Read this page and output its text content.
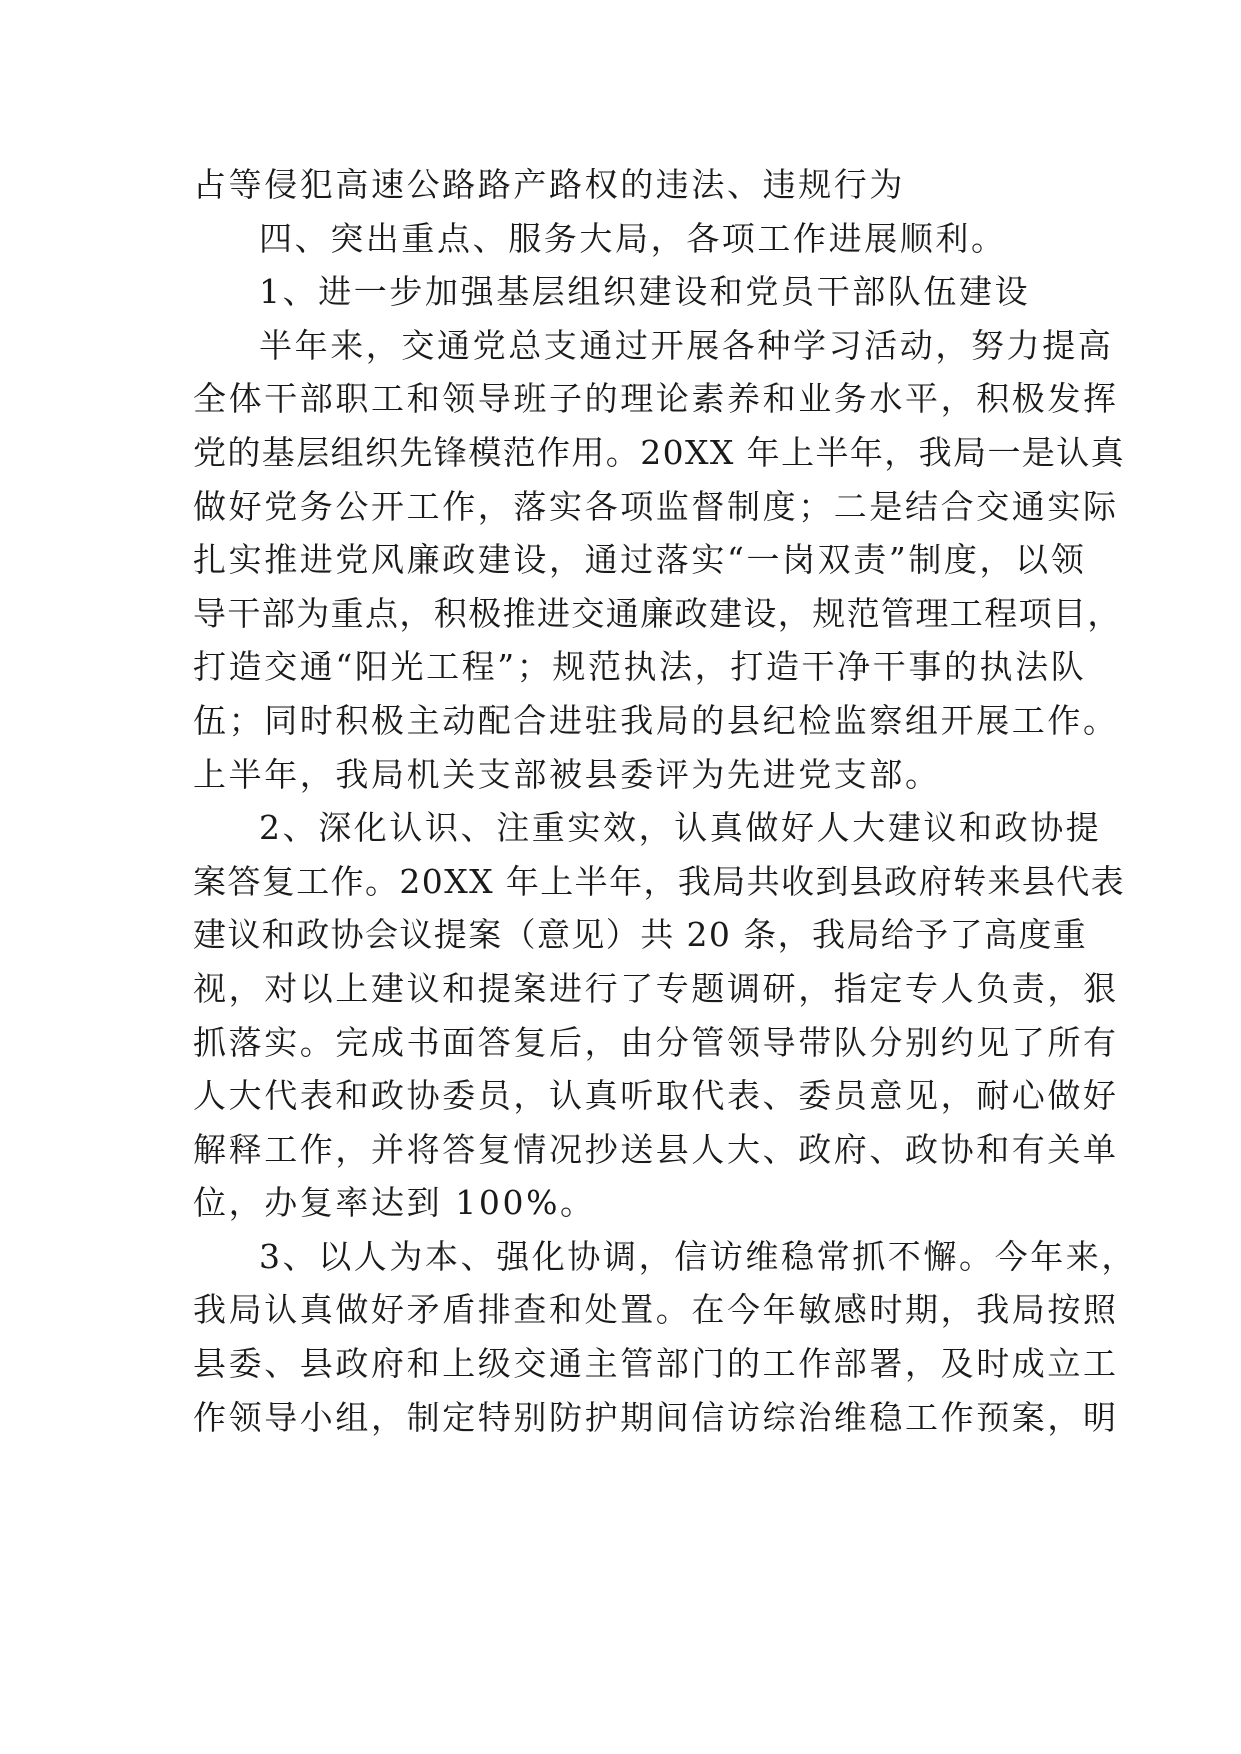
占等侵犯高速公路路产路权的违法、违规行为
四、突出重点、服务大局，各项工作进展顺利。
1、进一步加强基层组织建设和党员干部队伍建设
半年来，交通党总支通过开展各种学习活动，努力提高
全体干部职工和领导班子的理论素养和业务水平，积极发挥
党的基层组织先锋模范作用。20XX 年上半年，我局一是认真
做好党务公开工作，落实各项监督制度；二是结合交通实际
扎实推进党风廉政建设，通过落实“一岗双责”制度，以领
导干部为重点，积极推进交通廉政建设，规范管理工程项目，
打造交通“阳光工程”；规范执法，打造干净干事的执法队
伍；同时积极主动配合进驻我局的县纪检监察组开展工作。
上半年，我局机关支部被县委评为先进党支部。
2、深化认识、注重实效，认真做好人大建议和政协提
案答复工作。20XX 年上半年，我局共收到县政府转来县代表
建议和政协会议提案（意见）共 20 条，我局给予了高度重
视，对以上建议和提案进行了专题调研，指定专人负责，狠
抓落实。完成书面答复后，由分管领导带队分别约见了所有
人大代表和政协委员，认真听取代表、委员意见，耐心做好
解释工作，并将答复情况抄送县人大、政府、政协和有关单
位，办复率达到 100%。
3、以人为本、强化协调，信访维稳常抓不懈。今年来，
我局认真做好矛盾排查和处置。在今年敏感时期，我局按照
县委、县政府和上级交通主管部门的工作部署，及时成立工
作领导小组，制定特别防护期间信访综治维稳工作预案，明
